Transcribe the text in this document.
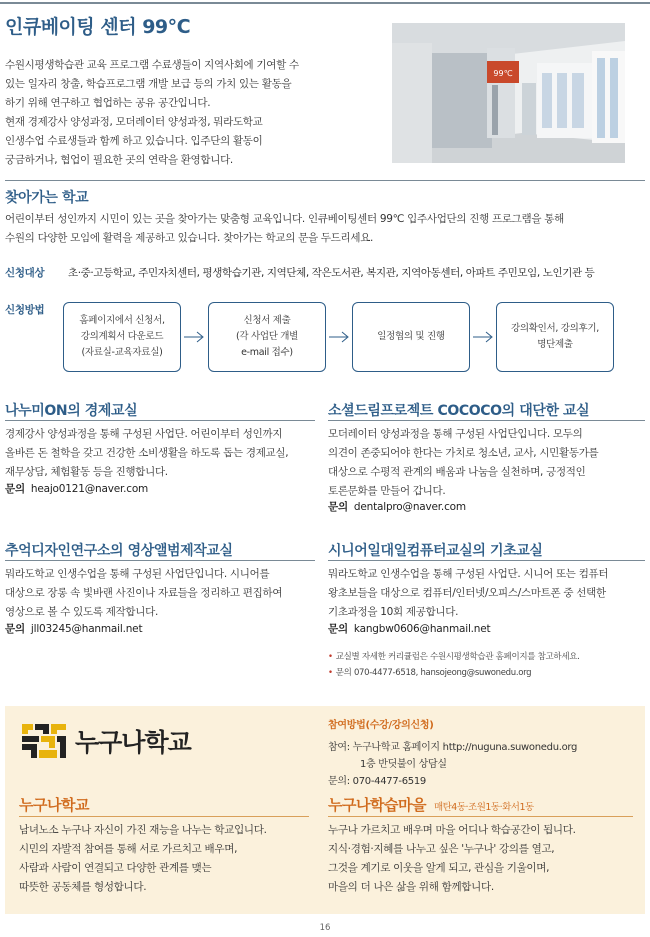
인큐베이팅 센터 99℃
수원시평생학습관 교육 프로그램 수료생들이 지역사회에 기여할 수
있는 일자리 창출, 학습프로그램 개발 보급 등의 가치 있는 활동을
하기 위해 연구하고 협업하는 공유 공간입니다.
현재 경제강사 양성과정, 모더레이터 양성과정, 뭐라도학교
인생수업 수료생들과 함께 하고 있습니다. 입주단의 활동이
궁금하거나, 협업이 필요한 곳의 연락을 환영합니다.
99℃
찾아가는 학교
어린이부터 성인까지 시민이 있는 곳을 찾아가는 맞춤형 교육입니다. 인큐베이팅센터 99℃ 입주사업단의 진행 프로그램을 통해
수원의 다양한 모임에 활력을 제공하고 있습니다. 찾아가는 학교의 문을 두드리세요.
신청대상 초·중·고등학교, 주민자치센터, 평생학습기관, 지역단체, 작은도서관, 복지관, 지역아동센터, 아파트 주민모임, 노인기관 등
신청방법
홈페이지에서 신청서,
강의계획서 다운로드
(자료실-교육자료실)
신청서 제출
(각 사업단 개별
e-mail 접수)
일정협의 및 진행
강의확인서, 강의후기,
명단제출
나누미ON의 경제교실
경제강사 양성과정을 통해 구성된 사업단. 어린이부터 성인까지
올바른 돈 철학을 갖고 건강한 소비생활을 하도록 돕는 경제교실,
재무상담, 체험활동 등을 진행합니다.
문의 heajo0121@naver.com
소셜드림프로젝트 COCOCO의 대단한 교실
모더레이터 양성과정을 통해 구성된 사업단입니다. 모두의
의견이 존중되어야 한다는 가치로 청소년, 교사, 시민활동가를
대상으로 수평적 관계의 배움과 나눔을 실천하며, 긍정적인
토론문화를 만들어 갑니다.
문의 dentalpro@naver.com
추억디자인연구소의 영상앨범제작교실
뭐라도학교 인생수업을 통해 구성된 사업단입니다. 시니어를
대상으로 장롱 속 빛바랜 사진이나 자료들을 정리하고 편집하여
영상으로 볼 수 있도록 제작합니다.
문의 jll03245@hanmail.net
시니어일대일컴퓨터교실의 기초교실
뭐라도학교 인생수업을 통해 구성된 사업단. 시니어 또는 컴퓨터
왕초보들을 대상으로 컴퓨터/인터넷/오피스/스마트폰 중 선택한
기초과정을 10회 제공합니다.
문의 kangbw0606@hanmail.net
• 교실별 자세한 커리큘럼은 수원시평생학습관 홈페이지를 참고하세요.
• 문의 070-4477-6518, hansojeong@suwonedu.org
누구나학교
참여방법(수강/강의신청)
참여: 누구나학교 홈페이지 http://nuguna.suwonedu.org
1층 반딧불이 상담실
문의: 070-4477-6519
누구나학교
남녀노소 누구나 자신이 가진 재능을 나누는 학교입니다.
시민의 자발적 참여를 통해 서로 가르치고 배우며,
사람과 사람이 연결되고 다양한 관계를 맺는
따뜻한 공동체를 형성합니다.
누구나학습마을 매탄4동·조원1동·화서1동
누구나 가르치고 배우며 마을 어디나 학습공간이 됩니다.
지식·경험·지혜를 나누고 싶은 '누구나' 강의를 열고,
그것을 계기로 이웃을 알게 되고, 관심을 기울이며,
마을의 더 나은 삶을 위해 함께합니다.
16
